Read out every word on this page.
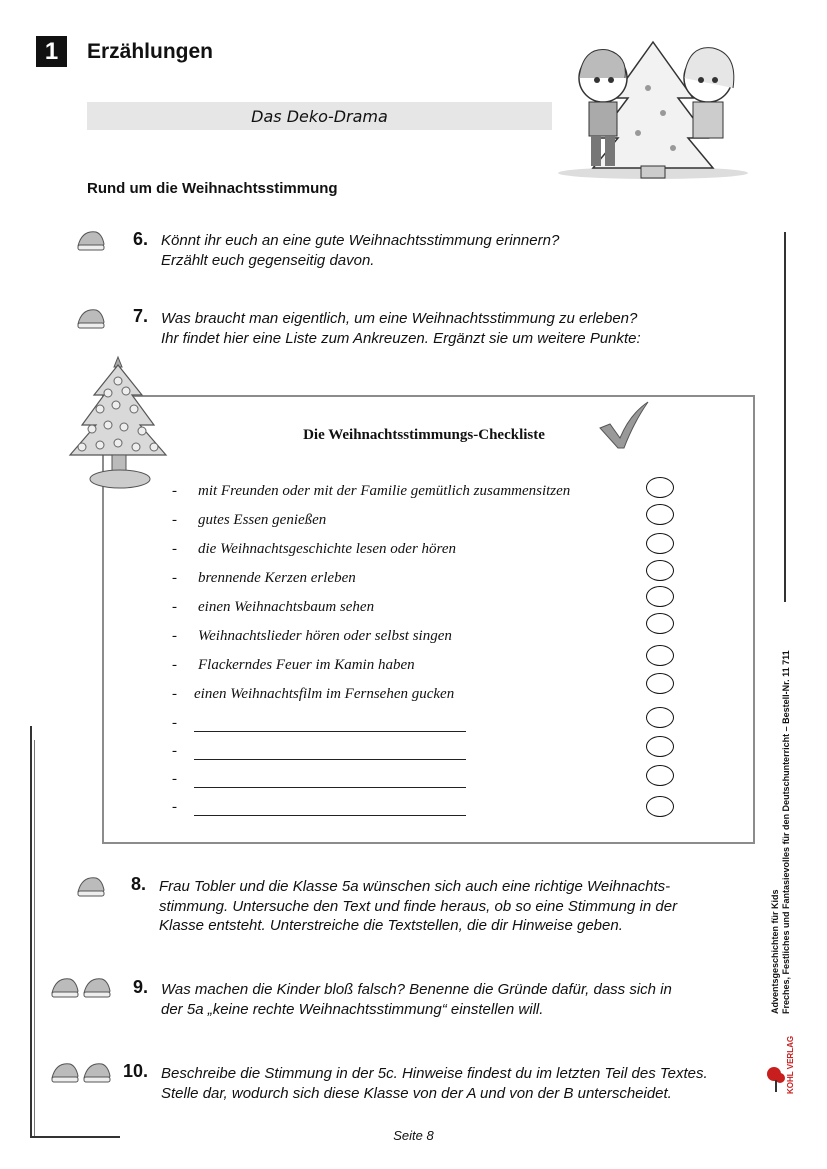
1	Erzählungen
Das Deko-Drama
Rund um die Weihnachtsstimmung
6. Könnt ihr euch an eine gute Weihnachtsstimmung erinnern?
Erzählt euch gegenseitig davon.
7. Was braucht man eigentlich, um eine Weihnachtsstimmung zu erleben?
Ihr findet hier eine Liste zum Ankreuzen. Ergänzt sie um weitere Punkte:
Die Weihnachtsstimmungs-Checkliste
- mit Freunden oder mit der Familie gemütlich zusammensitzen
- gutes Essen genießen
- die Weihnachtsgeschichte lesen oder hören
- brennende Kerzen erleben
- einen Weihnachtsbaum sehen
- Weihnachtslieder hören oder selbst singen
- Flackerndes Feuer im Kamin haben
- einen Weihnachtsfilm im Fernsehen gucken
-
-
-
-
8. Frau Tobler und die Klasse 5a wünschen sich auch eine richtige Weihnachts-
stimmung. Untersuche den Text und finde heraus, ob so eine Stimmung in der
Klasse entsteht. Unterstreiche die Textstellen, die dir Hinweise geben.
9. Was machen die Kinder bloß falsch? Benenne die Gründe dafür, dass sich in
der 5a „keine rechte Weihnachtsstimmung“ einstellen will.
10. Beschreibe die Stimmung in der 5c. Hinweise findest du im letzten Teil des Textes.
Stelle dar, wodurch sich diese Klasse von der A und von der B unterscheidet.
Adventsgeschichten für Kids Freches, Festliches und Fantasievolles für den Deutschunterricht – Bestell-Nr. 11 711
KOHL VERLAG
Seite 8
